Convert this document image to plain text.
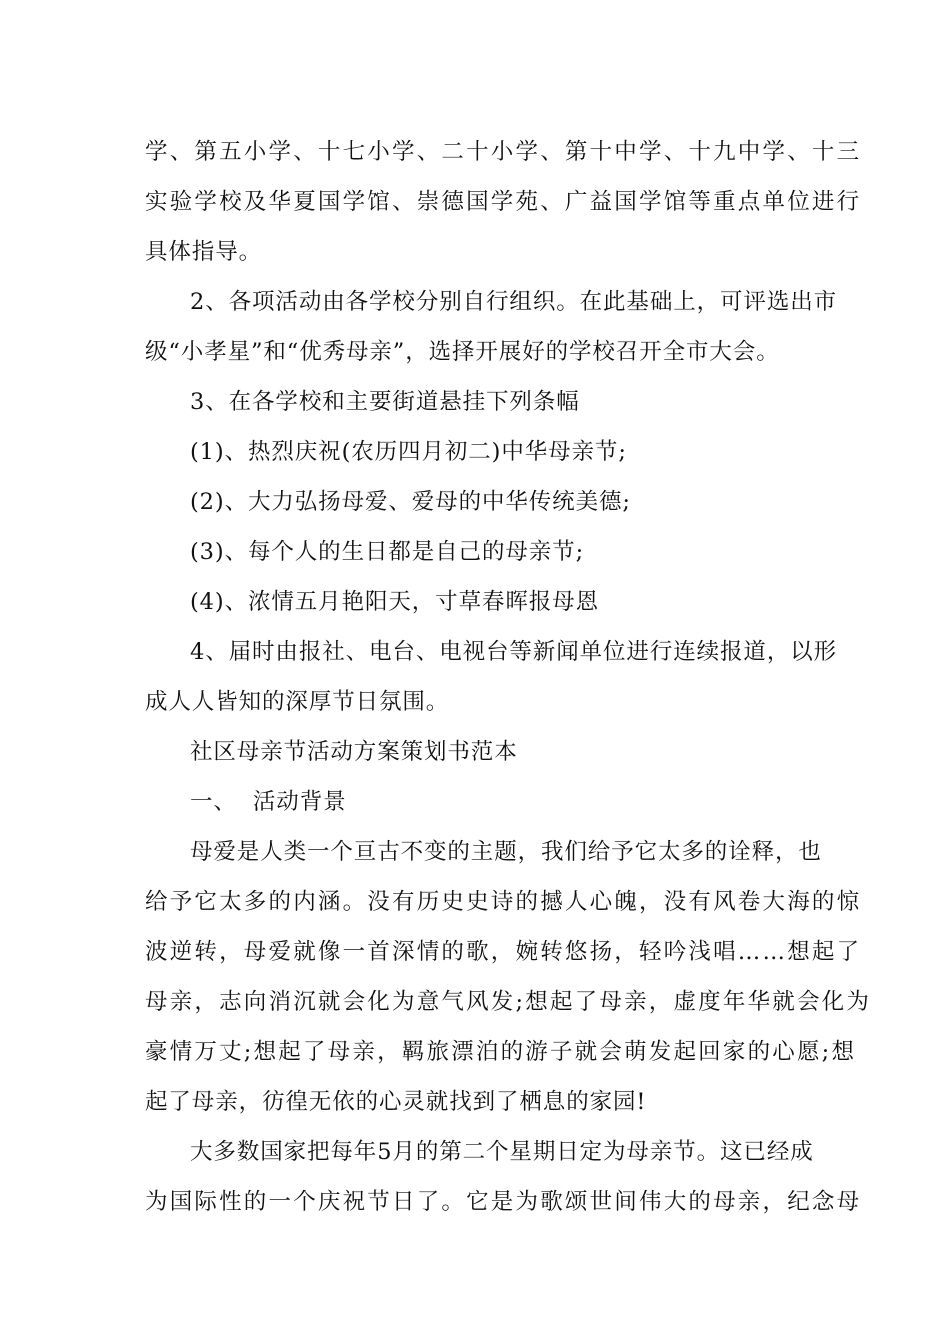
学、第五小学、十七小学、二十小学、第十中学、十九中学、十三
实验学校及华夏国学馆、崇德国学苑、广益国学馆等重点单位进行
具体指导。
2、各项活动由各学校分别自行组织。在此基础上，可评选出市
级“小孝星”和“优秀母亲”，选择开展好的学校召开全市大会。
3、在各学校和主要街道悬挂下列条幅
(1)、热烈庆祝(农历四月初二)中华母亲节;
(2)、大力弘扬母爱、爱母的中华传统美德;
(3)、每个人的生日都是自己的母亲节;
(4)、浓情五月艳阳天，寸草春晖报母恩
4、届时由报社、电台、电视台等新闻单位进行连续报道，以形
成人人皆知的深厚节日氛围。
社区母亲节活动方案策划书范本
一、  活动背景
母爱是人类一个亘古不变的主题，我们给予它太多的诠释，也
给予它太多的内涵。没有历史史诗的撼人心魄，没有风卷大海的惊
波逆转，母爱就像一首深情的歌，婉转悠扬，轻吟浅唱……想起了
母亲，志向消沉就会化为意气风发;想起了母亲，虚度年华就会化为
豪情万丈;想起了母亲，羁旅漂泊的游子就会萌发起回家的心愿;想
起了母亲，彷徨无依的心灵就找到了栖息的家园!
大多数国家把每年5月的第二个星期日定为母亲节。这已经成
为国际性的一个庆祝节日了。它是为歌颂世间伟大的母亲，纪念母
